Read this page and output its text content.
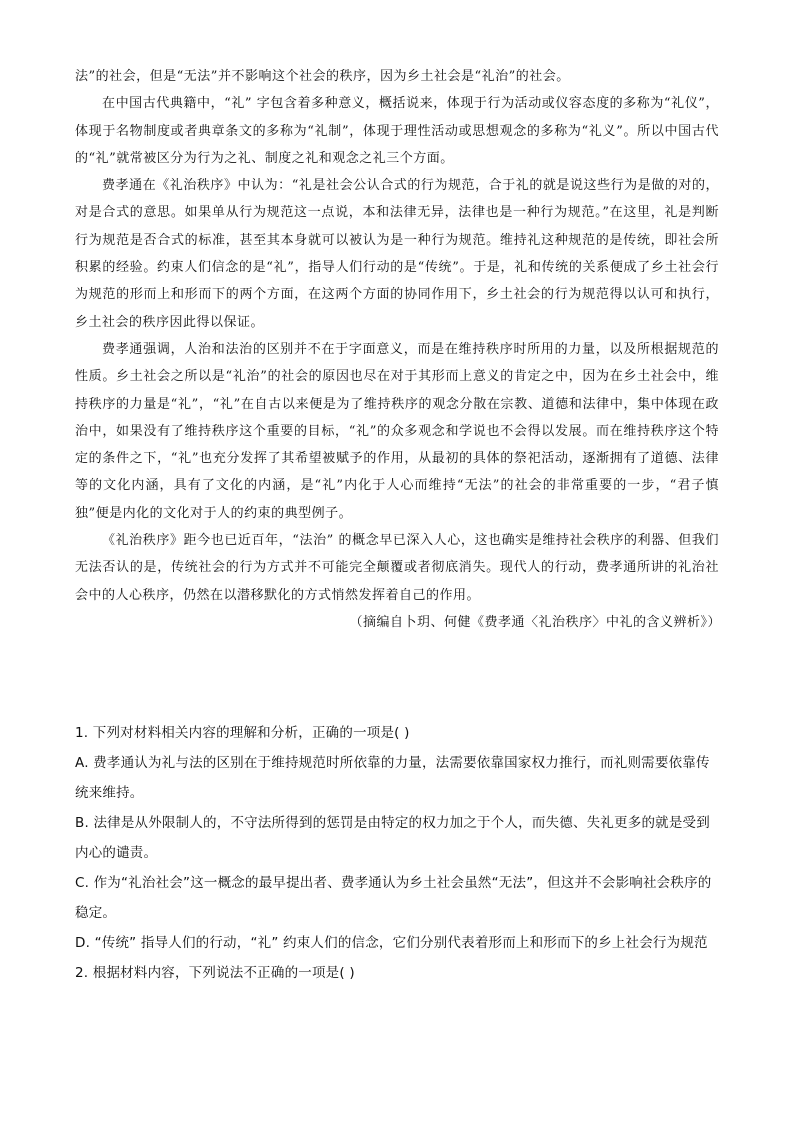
法”的社会，但是“无法”并不影响这个社会的秩序，因为乡土社会是“礼治”的社会。

在中国古代典籍中，“礼” 字包含着多种意义，概括说来，体现于行为活动或仪容态度的多称为“礼仪”，体现于名物制度或者典章条文的多称为“礼制”，体现于理性活动或思想观念的多称为“礼义”。所以中国古代的“礼”就常被区分为行为之礼、制度之礼和观念之礼三个方面。

费孝通在《礼治秩序》中认为：“礼是社会公认合式的行为规范，合于礼的就是说这些行为是做的对的，对是合式的意思。如果单从行为规范这一点说，本和法律无异，法律也是一种行为规范。”在这里，礼是判断行为规范是否合式的标准，甚至其本身就可以被认为是一种行为规范。维持礼这种规范的是传统，即社会所积累的经验。约束人们信念的是“礼”，指导人们行动的是“传统”。于是，礼和传统的关系便成了乡土社会行为规范的形而上和形而下的两个方面，在这两个方面的协同作用下，乡土社会的行为规范得以认可和执行，乡土社会的秩序因此得以保证。

费孝通强调，人治和法治的区别并不在于字面意义，而是在维持秩序时所用的力量，以及所根据规范的性质。乡土社会之所以是“礼治”的社会的原因也尽在对于其形而上意义的肯定之中，因为在乡土社会中，维持秩序的力量是“礼”，“礼”在自古以来便是为了维持秩序的观念分散在宗教、道德和法律中，集中体现在政治中，如果没有了维持秩序这个重要的目标，“礼”的众多观念和学说也不会得以发展。而在维持秩序这个特定的条件之下，“礼”也充分发挥了其希望被赋予的作用，从最初的具体的祭祀活动，逐渐拥有了道德、法律等的文化内涵，具有了文化的内涵，是“礼”内化于人心而维持“无法”的社会的非常重要的一步，“君子慎独”便是内化的文化对于人的约束的典型例子。

《礼治秩序》距今也已近百年，“法治” 的概念早已深入人心，这也确实是维持社会秩序的利器、但我们无法否认的是，传统社会的行为方式并不可能完全颠覆或者彻底消失。现代人的行动，费孝通所讲的礼治社会中的人心秩序，仍然在以潜移默化的方式悄然发挥着自己的作用。

（摘编自卜玥、何健《费孝通〈礼治秩序〉中礼的含义辨析》）

1. 下列对材料相关内容的理解和分析，正确的一项是( )

A. 费孝通认为礼与法的区别在于维持规范时所依靠的力量，法需要依靠国家权力推行，而礼则需要依靠传统来维持。

B. 法律是从外限制人的，不守法所得到的惩罚是由特定的权力加之于个人，而失德、失礼更多的就是受到内心的谴责。

C. 作为“礼治社会”这一概念的最早提出者、费孝通认为乡土社会虽然“无法”，但这并不会影响社会秩序的稳定。

D. “传统” 指导人们的行动，“礼” 约束人们的信念，它们分别代表着形而上和形而下的乡上社会行为规范

2. 根据材料内容，下列说法不正确的一项是( )
